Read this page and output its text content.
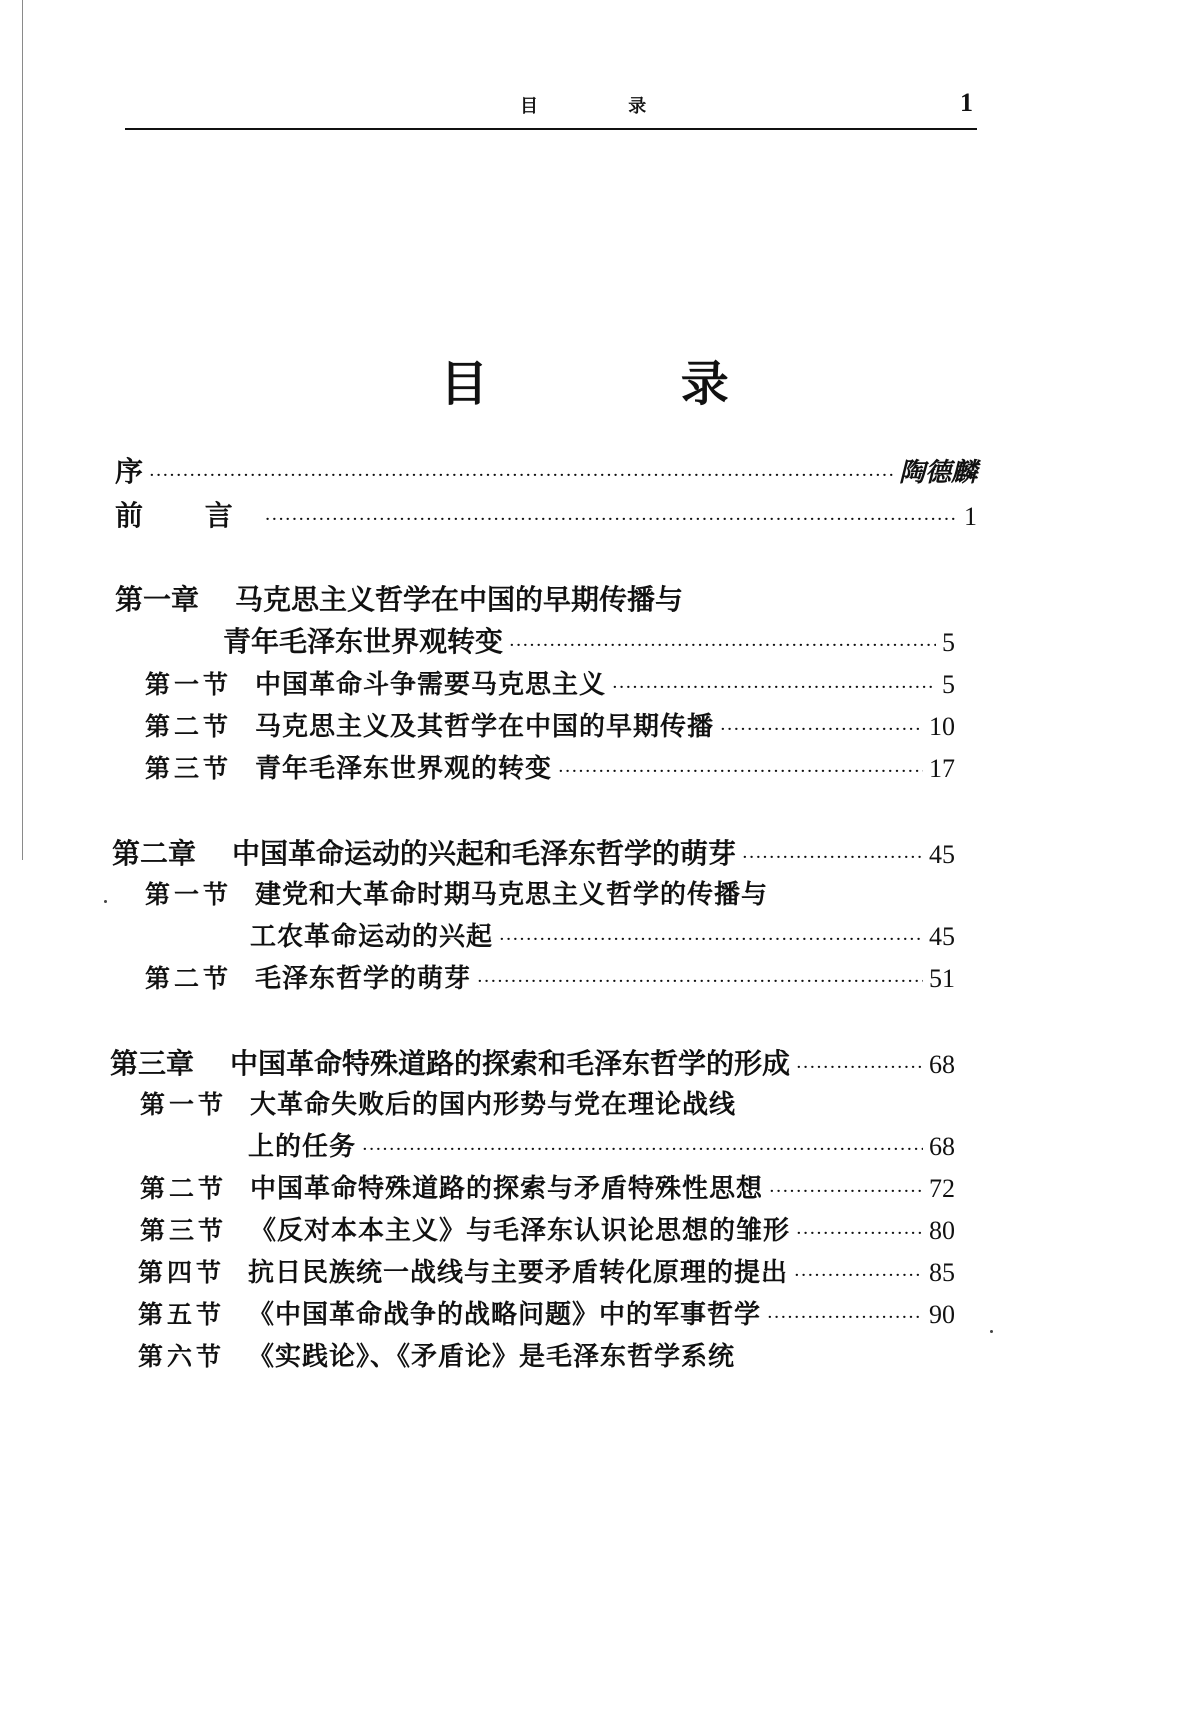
目 录	1
目 录
序 ·····	陶德麟
前 言 ·····	1
第一章	马克思主义哲学在中国的早期传播与
青年毛泽东世界观转变 ·····	5
第一节 中国革命斗争需要马克思主义 ·····	5
第二节 马克思主义及其哲学在中国的早期传播 ·····	10
第三节 青年毛泽东世界观的转变 ·····	17
第二章	中国革命运动的兴起和毛泽东哲学的萌芽 ·····	45
第一节 建党和大革命时期马克思主义哲学的传播与
工农革命运动的兴起 ·····	45
第二节 毛泽东哲学的萌芽 ·····	51
第三章	中国革命特殊道路的探索和毛泽东哲学的形成 ·····	68
第一节 大革命失败后的国内形势与党在理论战线
上的任务 ·····	68
第二节 中国革命特殊道路的探索与矛盾特殊性思想 ·····	72
第三节 《反对本本主义》与毛泽东认识论思想的雏形 ·····	80
第四节 抗日民族统一战线与主要矛盾转化原理的提出 ·····	85
第五节 《中国革命战争的战略问题》中的军事哲学 ·····	90
第六节 《实践论》、《矛盾论》是毛泽东哲学系统
